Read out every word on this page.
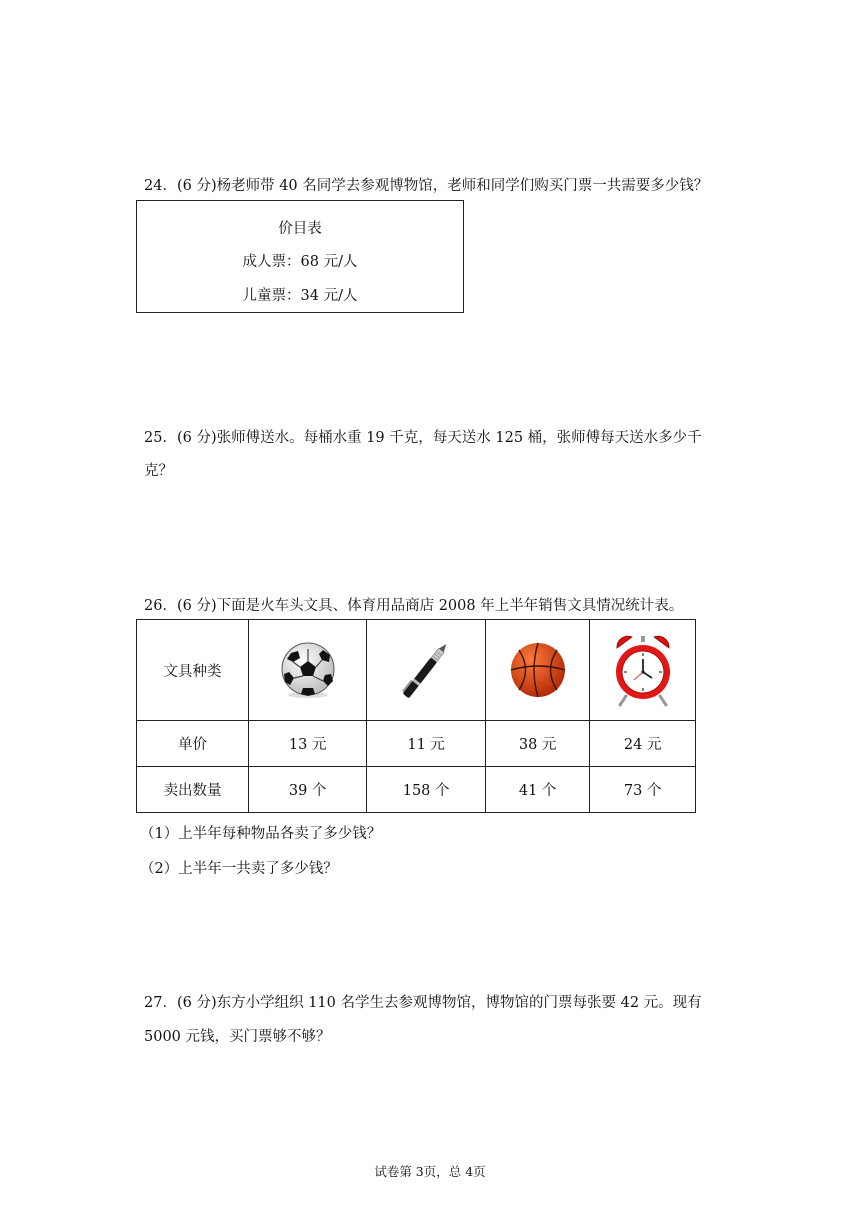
24．(6 分)杨老师带 40 名同学去参观博物馆，老师和同学们购买门票一共需要多少钱？
价目表
成人票：68 元/人
儿童票：34 元/人
25．(6 分)张师傅送水。每桶水重 19 千克，每天送水 125 桶，张师傅每天送水多少千
克？
26．(6 分)下面是火车头文具、体育用品商店 2008 年上半年销售文具情况统计表。
文具种类	

单价	13 元	11 元	38 元	24 元
卖出数量	39 个	158 个	41 个	73 个
（1）上半年每种物品各卖了多少钱？
（2）上半年一共卖了多少钱？
27．(6 分)东方小学组织 110 名学生去参观博物馆，博物馆的门票每张要 42 元。现有
5000 元钱，买门票够不够？
试卷第 3页，总 4页
